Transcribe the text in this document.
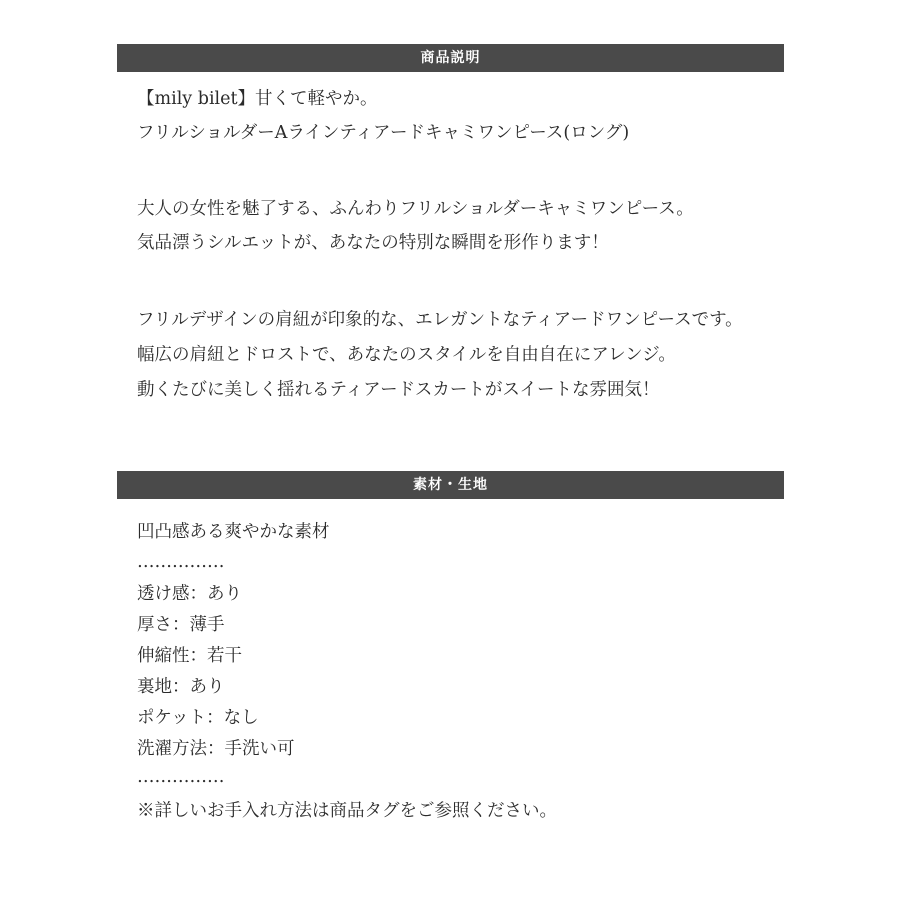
商品説明
【mily bilet】甘くて軽やか。
フリルショルダーAラインティアードキャミワンピース(ロング)
大人の女性を魅了する、ふんわりフリルショルダーキャミワンピース。
気品漂うシルエットが、あなたの特別な瞬間を形作ります！
フリルデザインの肩紐が印象的な、エレガントなティアードワンピースです。
幅広の肩紐とドロストで、あなたのスタイルを自由自在にアレンジ。
動くたびに美しく揺れるティアードスカートがスイートな雰囲気！
素材・生地
凹凸感ある爽やかな素材
……………
透け感：あり
厚さ：薄手
伸縮性：若干
裏地：あり
ポケット：なし
洗濯方法：手洗い可
……………
※詳しいお手入れ方法は商品タグをご参照ください。
